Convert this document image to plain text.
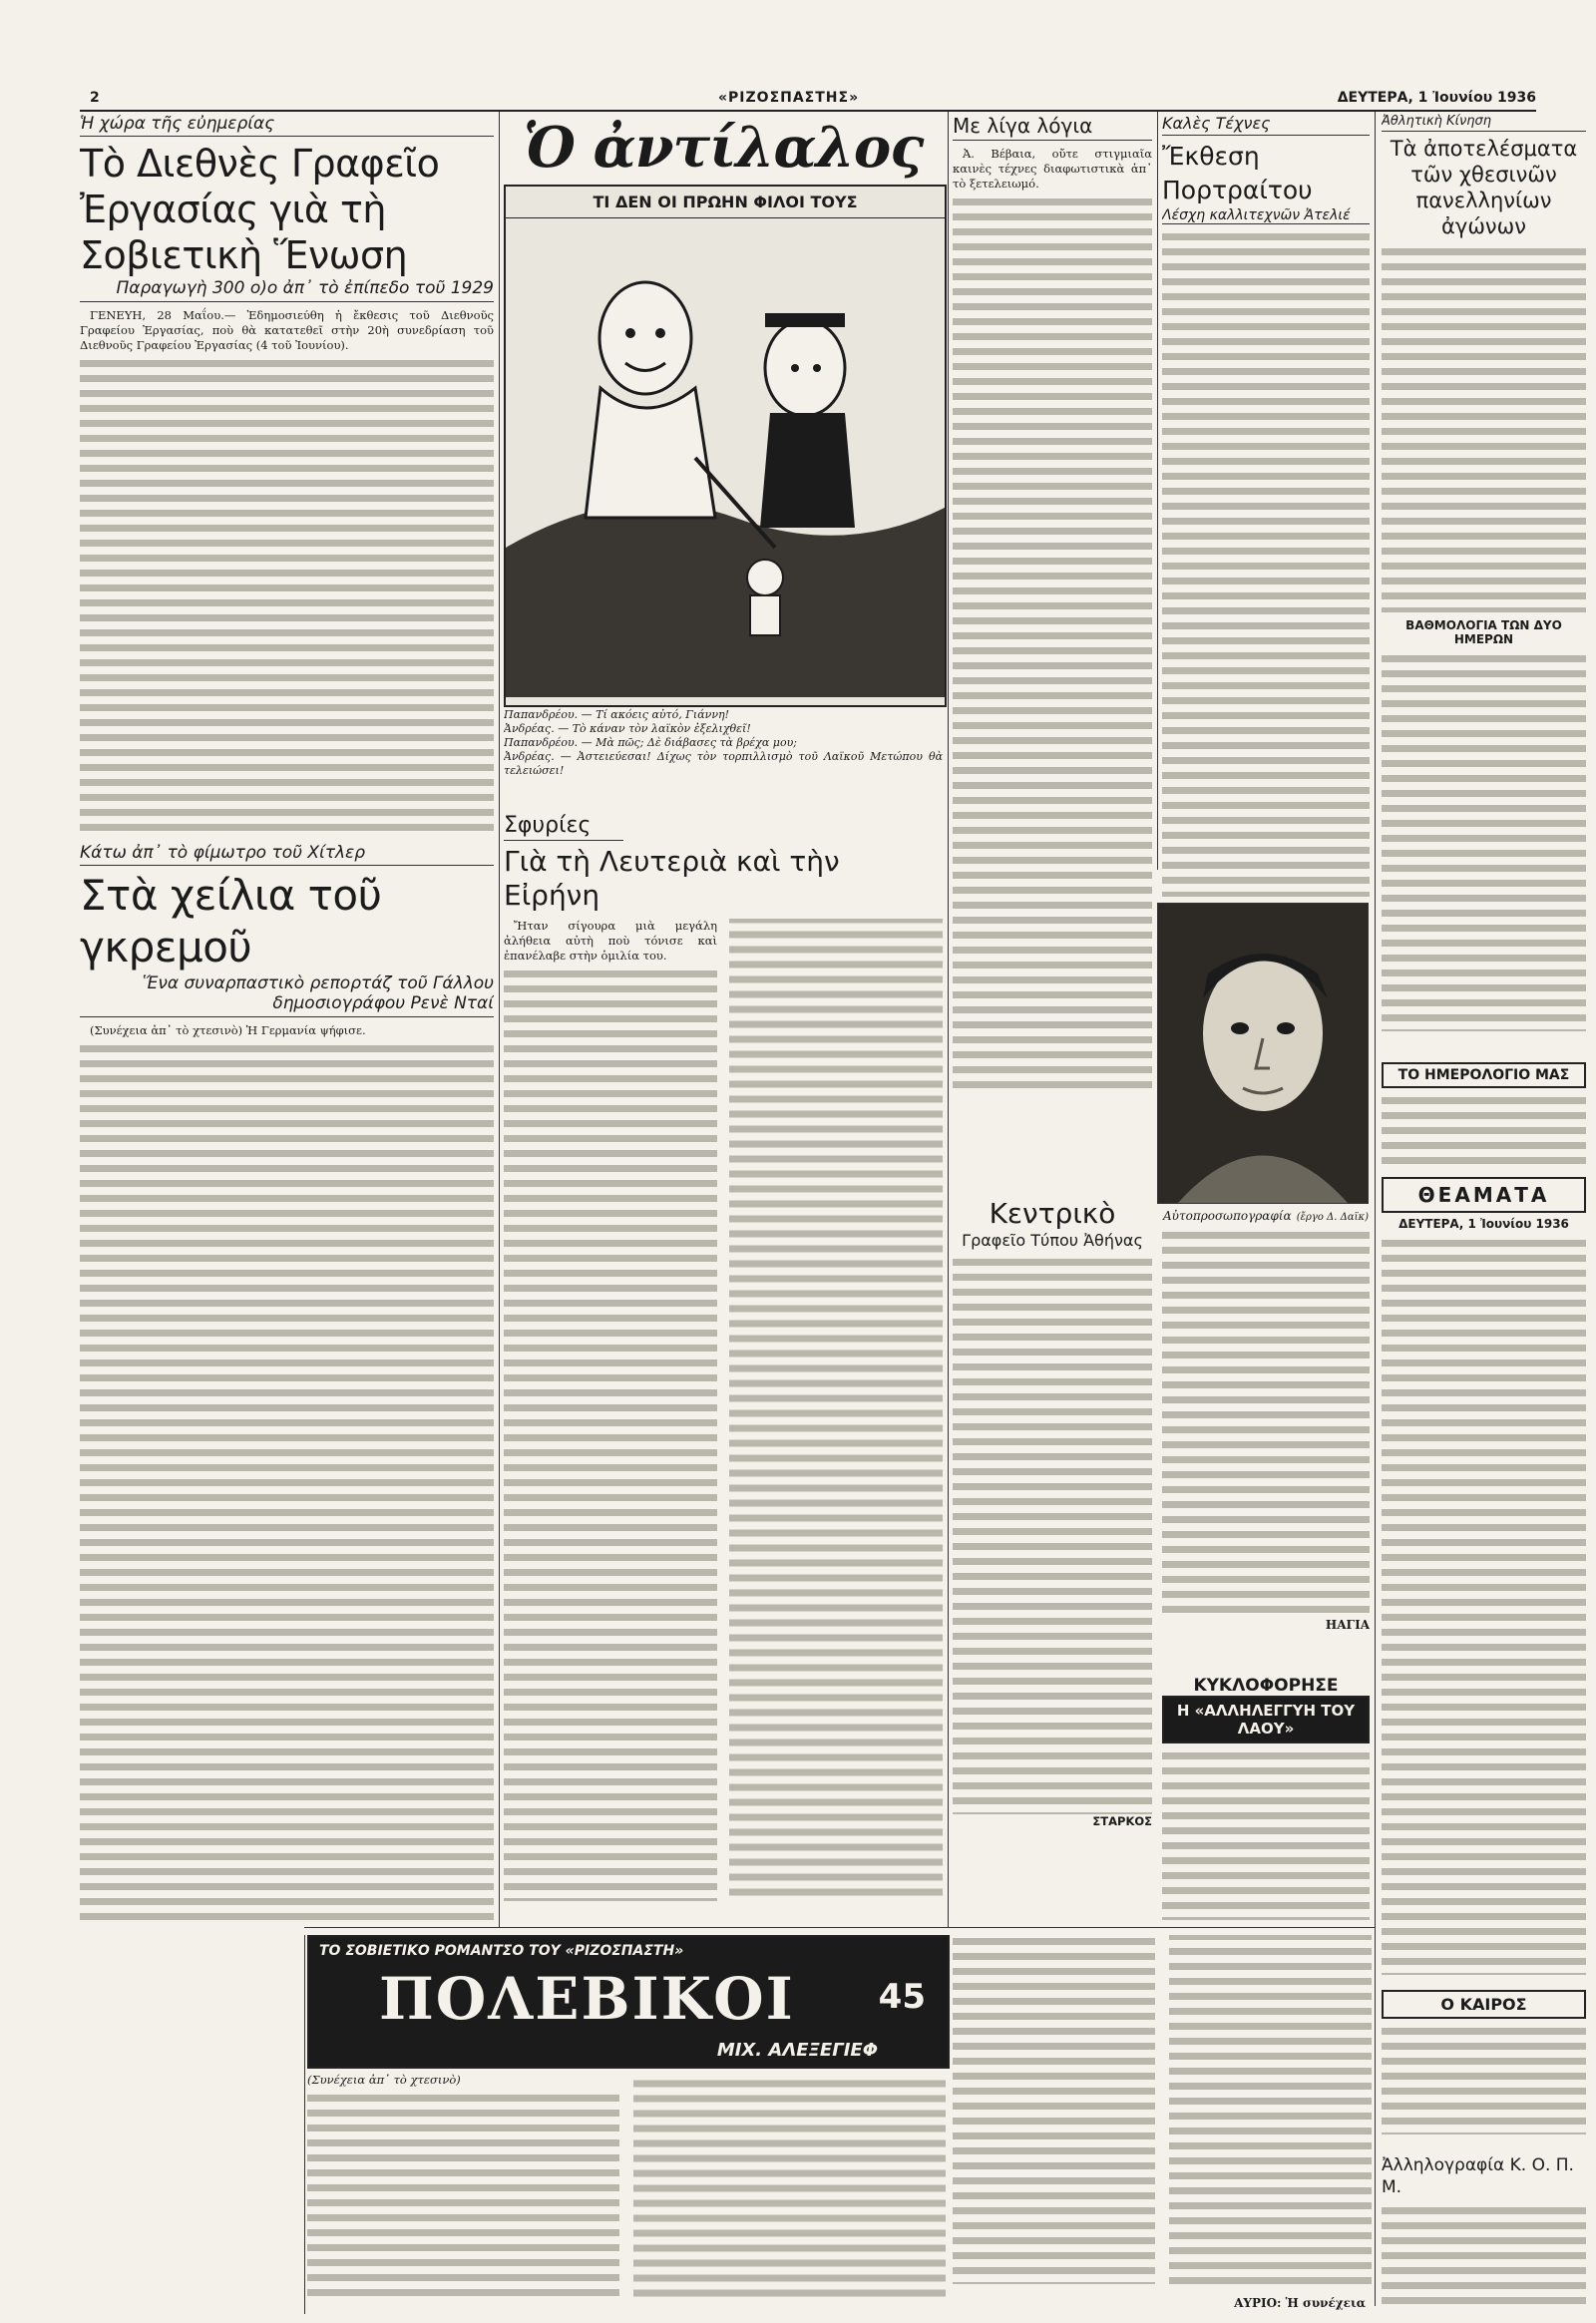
2	«ΡΙΖΟΣΠΑΣΤΗΣ»	ΔΕΥΤΕΡΑ, 1 Ἰουνίου 1936
Ἡ χώρα τῆς εὐημερίας
Τὸ Διεθνὲς Γραφεῖο Ἐργασίας γιὰ τὴ Σοβιετικὴ Ἕνωση
Παραγωγὴ 300 ο)ο ἀπ᾿ τὸ ἐπίπεδο τοῦ 1929

ΓΕΝΕΥΗ, 28 Μαΐου.— Ἐδημοσιεύθη ἡ ἔκθεσις τοῦ Διεθνοῦς Γραφείου Ἐργασίας, ποὺ θὰ κατατεθεῖ στὴν 20ὴ συνεδρίαση τοῦ Διεθνοῦς Γραφείου Ἐργασίας (4 τοῦ Ἰουνίου).

Κάτω ἀπ᾿ τὸ φίμωτρο τοῦ Χίτλερ
Στὰ χείλια τοῦ γκρεμοῦ
Ἕνα συναρπαστικὸ ρεπορτάζ τοῦ Γάλλου δημοσιογράφου Ρενὲ Νταί

(Συνέχεια ἀπ᾿ τὸ χτεσινὸ) Ἡ Γερμανία ψήφισε.

Ὁ ἀντίλαλος
ΤΙ ΔΕΝ ΟΙ ΠΡΩΗΝ ΦΙΛΟΙ ΤΟΥΣ
Παπανδρέου. — Τί ακόεις αὐτό, Γιάννη!
Ἀνδρέας. — Τὸ κάναν τὸν λαϊκὸν ἐξελιχθεῖ!
Παπανδρέου. — Μὰ πῶς; Δὲ διάβασες τὰ βρέχα μου;
Ἀνδρέας. — Ἀστειεύεσαι! Δίχως τὸν τορπιλλισμὸ τοῦ Λαϊκοῦ Μετώπου θὰ τελειώσει!
Σφυρίες
Γιὰ τὴ Λευτεριὰ καὶ τὴν Εἰρήνη

Ἤταν σίγουρα μιὰ μεγάλη ἀλήθεια αὐτὴ ποὺ τόνισε καὶ ἐπανέλαβε στὴν ὁμιλία του.

Με λίγα λόγια

Ἀ. Βέβαια, οὔτε στιγμιαῖα καινὲς τέχνες διαφωτιστικὰ ἀπ᾿ τὸ ξετελειωμό.

Κεντρικὸ
Γραφεῖο Τύπου Ἀθήνας
ΣΤΑΡΚΟΣ
Καλὲς Τέχνες
Ἔκθεση Πορτραίτου
Λέσχη καλλιτεχνῶν Ἀτελιέ
Αὐτοπροσωπογραφία (ἔργο Δ. Δαϊκ)
ΗΑΓΙΑ
ΚΥΚΛΟΦΟΡΗΣΕ
Η «ΑΛΛΗΛΕΓΓΥΗ ΤΟΥ ΛΑΟΥ»
Ἀθλητικὴ Κίνηση
Τὰ ἀποτελέσματα τῶν χθεσινῶν πανελληνίων ἀγώνων
ΒΑΘΜΟΛΟΓΙΑ ΤΩΝ ΔΥΟ ΗΜΕΡΩΝ
ΤΟ ΗΜΕΡΟΛΟΓΙΟ ΜΑΣ
ΘΕΑΜΑΤΑ
ΔΕΥΤΕΡΑ, 1 Ἰουνίου 1936
Ο ΚΑΙΡΟΣ
Ἀλληλογραφία Κ. Ο. Π. Μ.
ΤΟ ΣΟΒΙΕΤΙΚΟ ΡΟΜΑΝΤΣΟ ΤΟΥ «ΡΙΖΟΣΠΑΣΤΗ»
ΠΟΛΕΒΙΚΟΙ 45
ΜΙΧ. ΑΛΕΞΕΓΙΕΦ

(Συνέχεια ἀπ᾿ τὸ χτεσινὸ)

ΑΥΡΙΟ: Ἡ συνέχεια
